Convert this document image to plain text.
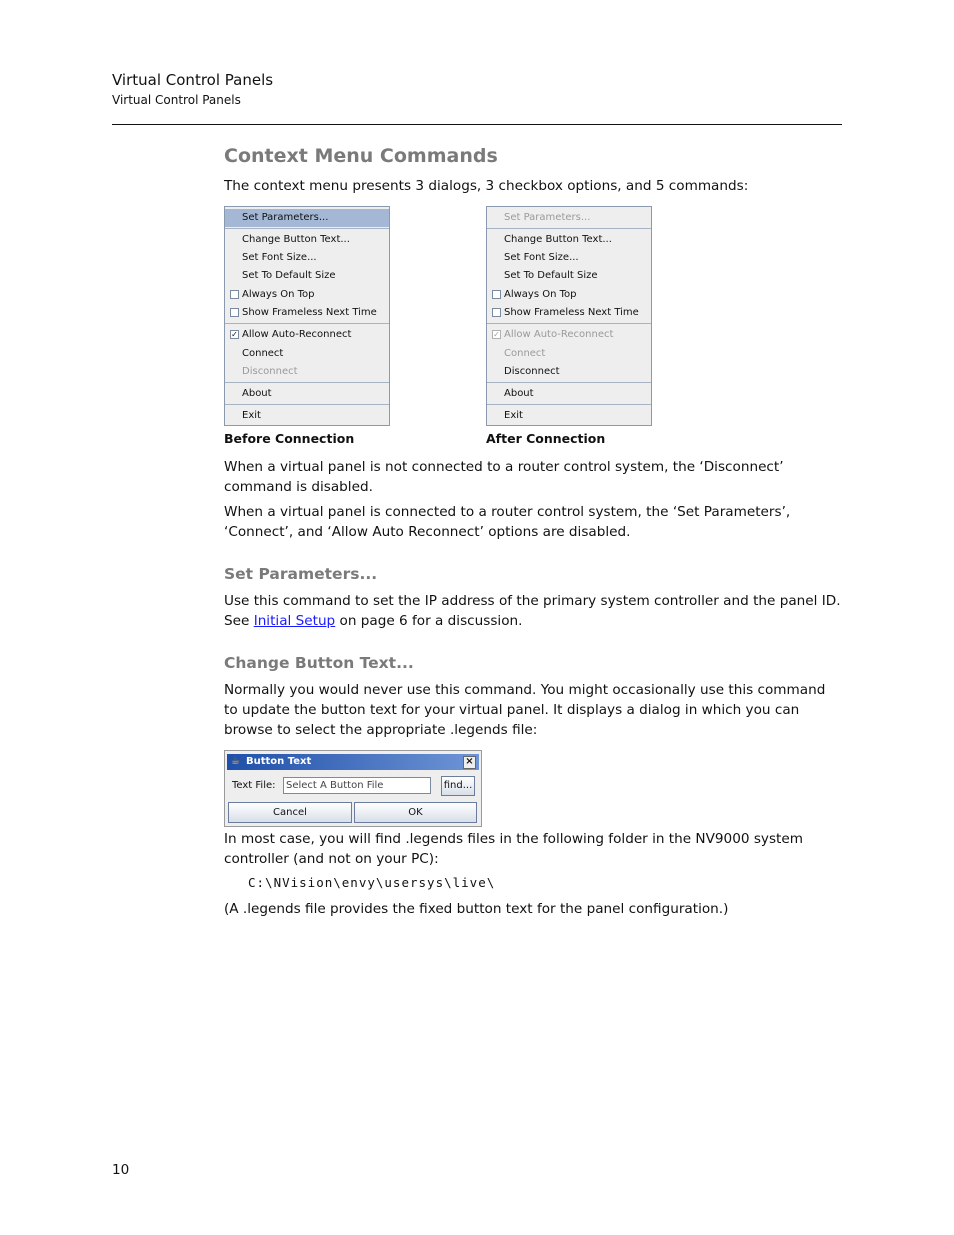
Virtual Control Panels
Virtual Control Panels
Context Menu Commands
The context menu presents 3 dialogs, 3 checkbox options, and 5 commands:
Set Parameters...
Change Button Text...
Set Font Size...
Set To Default Size
Always On Top
Show Frameless Next Time
✓ Allow Auto-Reconnect
Connect
Disconnect
About
Exit
Set Parameters...
Change Button Text...
Set Font Size...
Set To Default Size
Always On Top
Show Frameless Next Time
✓ Allow Auto-Reconnect
Connect
Disconnect
About
Exit
Before Connection	After Connection
When a virtual panel is not connected to a router control system, the ‘Disconnect’ command is disabled.
When a virtual panel is connected to a router control system, the ‘Set Parameters’, ‘Connect’, and ‘Allow Auto Reconnect’ options are disabled.
Set Parameters...
Use this command to set the IP address of the primary system controller and the panel ID. See Initial Setup on page 6 for a discussion.
Change Button Text...
Normally you would never use this command. You might occasionally use this command to update the button text for your virtual panel. It displays a dialog in which you can browse to select the appropriate .legends file:
☕ Button Text	×
Text File:
Select A Button File	find...
Cancel	OK
In most case, you will find .legends files in the following folder in the NV9000 system controller (and not on your PC):
C:\NVision\envy\usersys\live\
(A .legends file provides the fixed button text for the panel configuration.)
10
